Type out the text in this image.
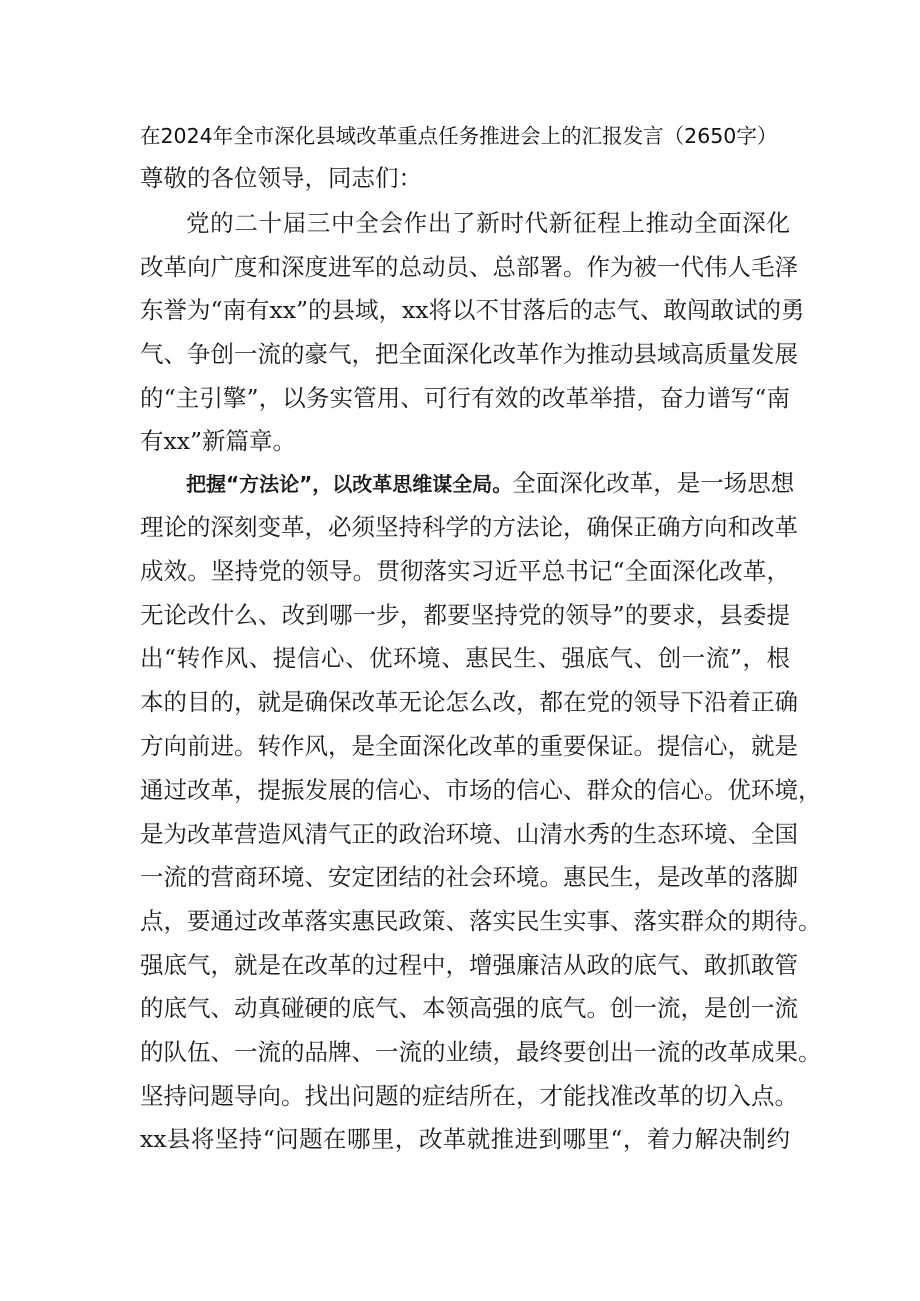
在2024年全市深化县域改革重点任务推进会上的汇报发言（2650字）
尊敬的各位领导，同志们：
党的二十届三中全会作出了新时代新征程上推动全面深化
改革向广度和深度进军的总动员、总部署。作为被一代伟人毛泽
东誉为“南有xx”的县域，xx将以不甘落后的志气、敢闯敢试的勇
气、争创一流的豪气，把全面深化改革作为推动县域高质量发展
的“主引擎”，以务实管用、可行有效的改革举措，奋力谱写“南
有xx”新篇章。
把握“方法论”，以改革思维谋全局。全面深化改革，是一场思想
理论的深刻变革，必须坚持科学的方法论，确保正确方向和改革
成效。坚持党的领导。贯彻落实习近平总书记“全面深化改革，
无论改什么、改到哪一步，都要坚持党的领导”的要求，县委提
出“转作风、提信心、优环境、惠民生、强底气、创一流”，根
本的目的，就是确保改革无论怎么改，都在党的领导下沿着正确
方向前进。转作风，是全面深化改革的重要保证。提信心，就是
通过改革，提振发展的信心、市场的信心、群众的信心。优环境，
是为改革营造风清气正的政治环境、山清水秀的生态环境、全国
一流的营商环境、安定团结的社会环境。惠民生，是改革的落脚
点，要通过改革落实惠民政策、落实民生实事、落实群众的期待。
强底气，就是在改革的过程中，增强廉洁从政的底气、敢抓敢管
的底气、动真碰硬的底气、本领高强的底气。创一流，是创一流
的队伍、一流的品牌、一流的业绩，最终要创出一流的改革成果。
坚持问题导向。找出问题的症结所在，才能找准改革的切入点。
xx县将坚持“问题在哪里，改革就推进到哪里“，着力解决制约
